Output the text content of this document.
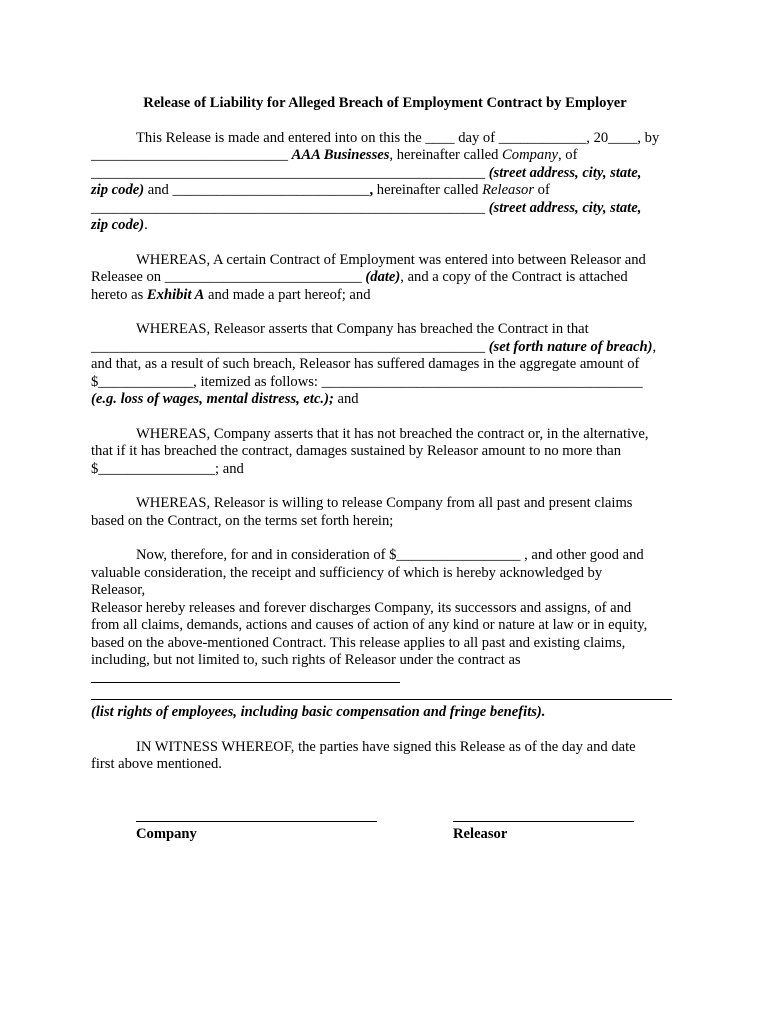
Release of Liability for Alleged Breach of Employment Contract by Employer
This Release is made and entered into on this the ____ day of ____________, 20____, by
___________________________ AAA Businesses, hereinafter called Company, of
______________________________________________________ (street address, city, state,
zip code) and ___________________________, hereinafter called Releasor of
______________________________________________________ (street address, city, state,
zip code).
WHEREAS, A certain Contract of Employment was entered into between Releasor and
Releasee on ___________________________ (date), and a copy of the Contract is attached
hereto as Exhibit A and made a part hereof; and
WHEREAS, Releasor asserts that Company has breached the Contract in that
______________________________________________________ (set forth nature of breach),
and that, as a result of such breach, Releasor has suffered damages in the aggregate amount of
$_____________, itemized as follows: ____________________________________________
(e.g. loss of wages, mental distress, etc.); and
WHEREAS, Company asserts that it has not breached the contract or, in the alternative,
that if it has breached the contract, damages sustained by Releasor amount to no more than
$________________; and
WHEREAS, Releasor is willing to release Company from all past and present claims
based on the Contract, on the terms set forth herein;
Now, therefore, for and in consideration of $_________________ , and other good and
valuable consideration, the receipt and sufficiency of which is hereby acknowledged by
Releasor,
Releasor hereby releases and forever discharges Company, its successors and assigns, of and
from all claims, demands, actions and causes of action of any kind or nature at law or in equity,
based on the above-mentioned Contract. This release applies to all past and existing claims,
including, but not limited to, such rights of Releasor under the contract as
(list rights of employees, including basic compensation and fringe benefits).
IN WITNESS WHEREOF, the parties have signed this Release as of the day and date
first above mentioned.
Company	Releasor
